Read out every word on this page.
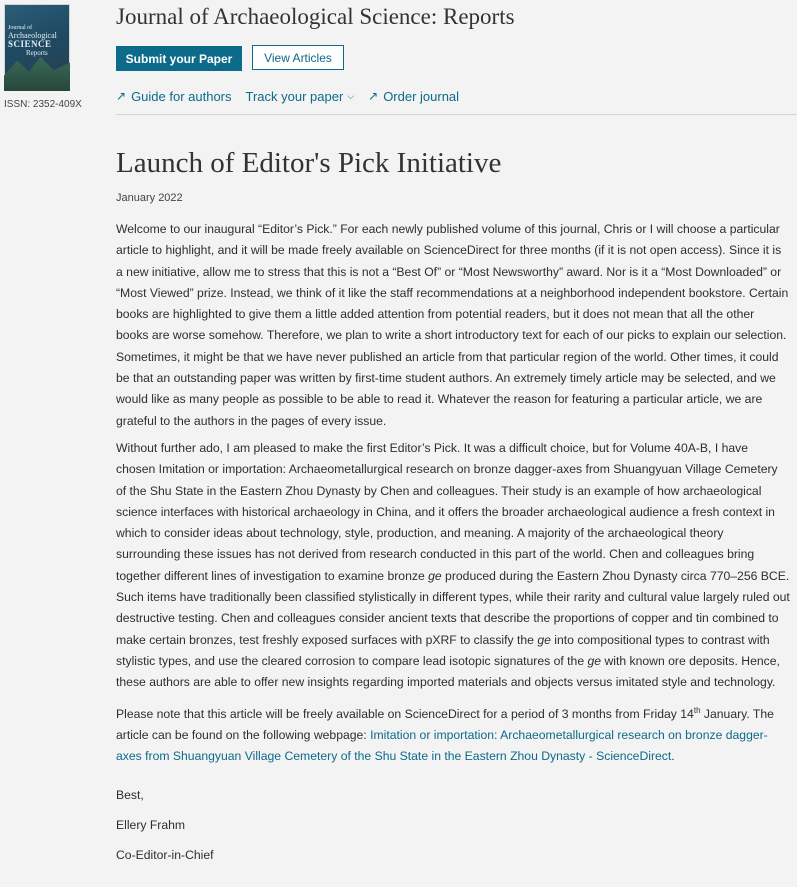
Journal of
Archaeological
SCIENCE
Reports
ISSN: 2352-409X
Journal of Archaeological Science: Reports
Submit your Paper	View Articles
↗ Guide for authors Track your paper ⌵ ↗ Order journal
Launch of Editor's Pick Initiative
January 2022

Welcome to our inaugural “Editor’s Pick.” For each newly published volume of this journal, Chris or I will choose a particular article to highlight, and it will be made freely available on ScienceDirect for three months (if it is not open access). Since it is a new initiative, allow me to stress that this is not a “Best Of” or “Most Newsworthy” award. Nor is it a “Most Downloaded” or “Most Viewed” prize. Instead, we think of it like the staff recommendations at a neighborhood independent bookstore. Certain books are highlighted to give them a little added attention from potential readers, but it does not mean that all the other books are worse somehow. Therefore, we plan to write a short introductory text for each of our picks to explain our selection. Sometimes, it might be that we have never published an article from that particular region of the world. Other times, it could be that an outstanding paper was written by first-time student authors. An extremely timely article may be selected, and we would like as many people as possible to be able to read it. Whatever the reason for featuring a particular article, we are grateful to the authors in the pages of every issue.

Without further ado, I am pleased to make the first Editor’s Pick. It was a difficult choice, but for Volume 40A-B, I have chosen Imitation or importation: Archaeometallurgical research on bronze dagger-axes from Shuangyuan Village Cemetery of the Shu State in the Eastern Zhou Dynasty by Chen and colleagues. Their study is an example of how archaeological science interfaces with historical archaeology in China, and it offers the broader archaeological audience a fresh context in which to consider ideas about technology, style, production, and meaning. A majority of the archaeological theory surrounding these issues has not derived from research conducted in this part of the world. Chen and colleagues bring together different lines of investigation to examine bronze ge produced during the Eastern Zhou Dynasty circa 770–256 BCE. Such items have traditionally been classified stylistically in different types, while their rarity and cultural value largely ruled out destructive testing. Chen and colleagues consider ancient texts that describe the proportions of copper and tin combined to make certain bronzes, test freshly exposed surfaces with pXRF to classify the ge into compositional types to contrast with stylistic types, and use the cleared corrosion to compare lead isotopic signatures of the ge with known ore deposits. Hence, these authors are able to offer new insights regarding imported materials and objects versus imitated style and technology.

Please note that this article will be freely available on ScienceDirect for a period of 3 months from Friday 14th January. The article can be found on the following webpage: Imitation or importation: Archaeometallurgical research on bronze dagger-axes from Shuangyuan Village Cemetery of the Shu State in the Eastern Zhou Dynasty - ScienceDirect.

Best,
Ellery Frahm
Co-Editor-in-Chief
